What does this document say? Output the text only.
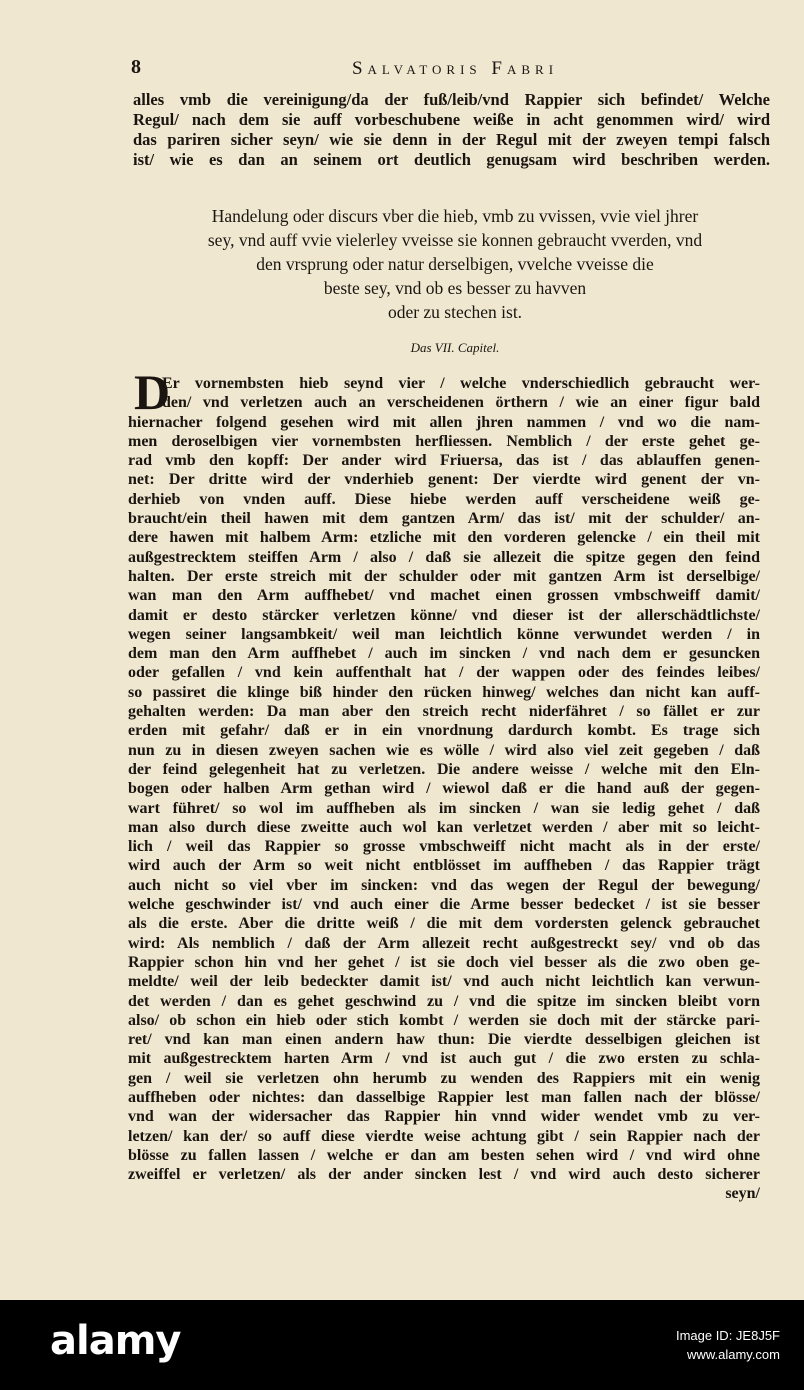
8	Salvatoris Fabri
alles vmb die vereinigung/da der fuß/leib/vnd Rappier sich befindet/ Welche
Regul/ nach dem sie auff vorbeschubene weiße in acht genommen wird/ wird
das pariren sicher seyn/ wie sie denn in der Regul mit der zweyen tempi falsch
ist/ wie es dan an seinem ort deutlich genugsam wird beschriben werden.
Handelung oder discurs vber die hieb, vmb zu vvissen, vvie viel jhrer
sey, vnd auff vvie vielerley vveisse sie konnen gebraucht vverden, vnd
den vrsprung oder natur derselbigen, vvelche vveisse die
beste sey, vnd ob es besser zu havven
oder zu stechen ist.
Das VII. Capitel.
D
Er vornembsten hieb seynd vier / welche vnderschiedlich gebraucht wer-
den/ vnd verletzen auch an verscheidenen örthern / wie an einer figur bald
hiernacher folgend gesehen wird mit allen jhren nammen / vnd wo die nam-
men deroselbigen vier vornembsten herfliessen. Nemblich / der erste gehet ge-
rad vmb den kopff: Der ander wird Friuersa, das ist / das ablauffen genen-
net: Der dritte wird der vnderhieb genent: Der vierdte wird genent der vn-
derhieb von vnden auff. Diese hiebe werden auff verscheidene weiß ge-
braucht/ein theil hawen mit dem gantzen Arm/ das ist/ mit der schulder/ an-
dere hawen mit halbem Arm: etzliche mit den vorderen gelencke / ein theil mit
außgestrecktem steiffen Arm / also / daß sie allezeit die spitze gegen den feind
halten. Der erste streich mit der schulder oder mit gantzen Arm ist derselbige/
wan man den Arm auffhebet/ vnd machet einen grossen vmbschweiff damit/
damit er desto stärcker verletzen könne/ vnd dieser ist der allerschädtlichste/
wegen seiner langsambkeit/ weil man leichtlich könne verwundet werden / in
dem man den Arm auffhebet / auch im sincken / vnd nach dem er gesuncken
oder gefallen / vnd kein auffenthalt hat / der wappen oder des feindes leibes/
so passiret die klinge biß hinder den rücken hinweg/ welches dan nicht kan auff-
gehalten werden: Da man aber den streich recht niderfähret / so fället er zur
erden mit gefahr/ daß er in ein vnordnung dardurch kombt. Es trage sich
nun zu in diesen zweyen sachen wie es wölle / wird also viel zeit gegeben / daß
der feind gelegenheit hat zu verletzen. Die andere weisse / welche mit den Eln-
bogen oder halben Arm gethan wird / wiewol daß er die hand auß der gegen-
wart führet/ so wol im auffheben als im sincken / wan sie ledig gehet / daß
man also durch diese zweitte auch wol kan verletzet werden / aber mit so leicht-
lich / weil das Rappier so grosse vmbschweiff nicht macht als in der erste/
wird auch der Arm so weit nicht entblösset im auffheben / das Rappier trägt
auch nicht so viel vber im sincken: vnd das wegen der Regul der bewegung/
welche geschwinder ist/ vnd auch einer die Arme besser bedecket / ist sie besser
als die erste. Aber die dritte weiß / die mit dem vordersten gelenck gebrauchet
wird: Als nemblich / daß der Arm allezeit recht außgestreckt sey/ vnd ob das
Rappier schon hin vnd her gehet / ist sie doch viel besser als die zwo oben ge-
meldte/ weil der leib bedeckter damit ist/ vnd auch nicht leichtlich kan verwun-
det werden / dan es gehet geschwind zu / vnd die spitze im sincken bleibt vorn
also/ ob schon ein hieb oder stich kombt / werden sie doch mit der stärcke pari-
ret/ vnd kan man einen andern haw thun: Die vierdte desselbigen gleichen ist
mit außgestrecktem harten Arm / vnd ist auch gut / die zwo ersten zu schla-
gen / weil sie verletzen ohn herumb zu wenden des Rappiers mit ein wenig
auffheben oder nichtes: dan dasselbige Rappier lest man fallen nach der blösse/
vnd wan der widersacher das Rappier hin vnnd wider wendet vmb zu ver-
letzen/ kan der/ so auff diese vierdte weise achtung gibt / sein Rappier nach der
blösse zu fallen lassen / welche er dan am besten sehen wird / vnd wird ohne
zweiffel er verletzen/ als der ander sincken lest / vnd wird auch desto sicherer
seyn/
alamy	Image ID: JE8J5F
www.alamy.com
